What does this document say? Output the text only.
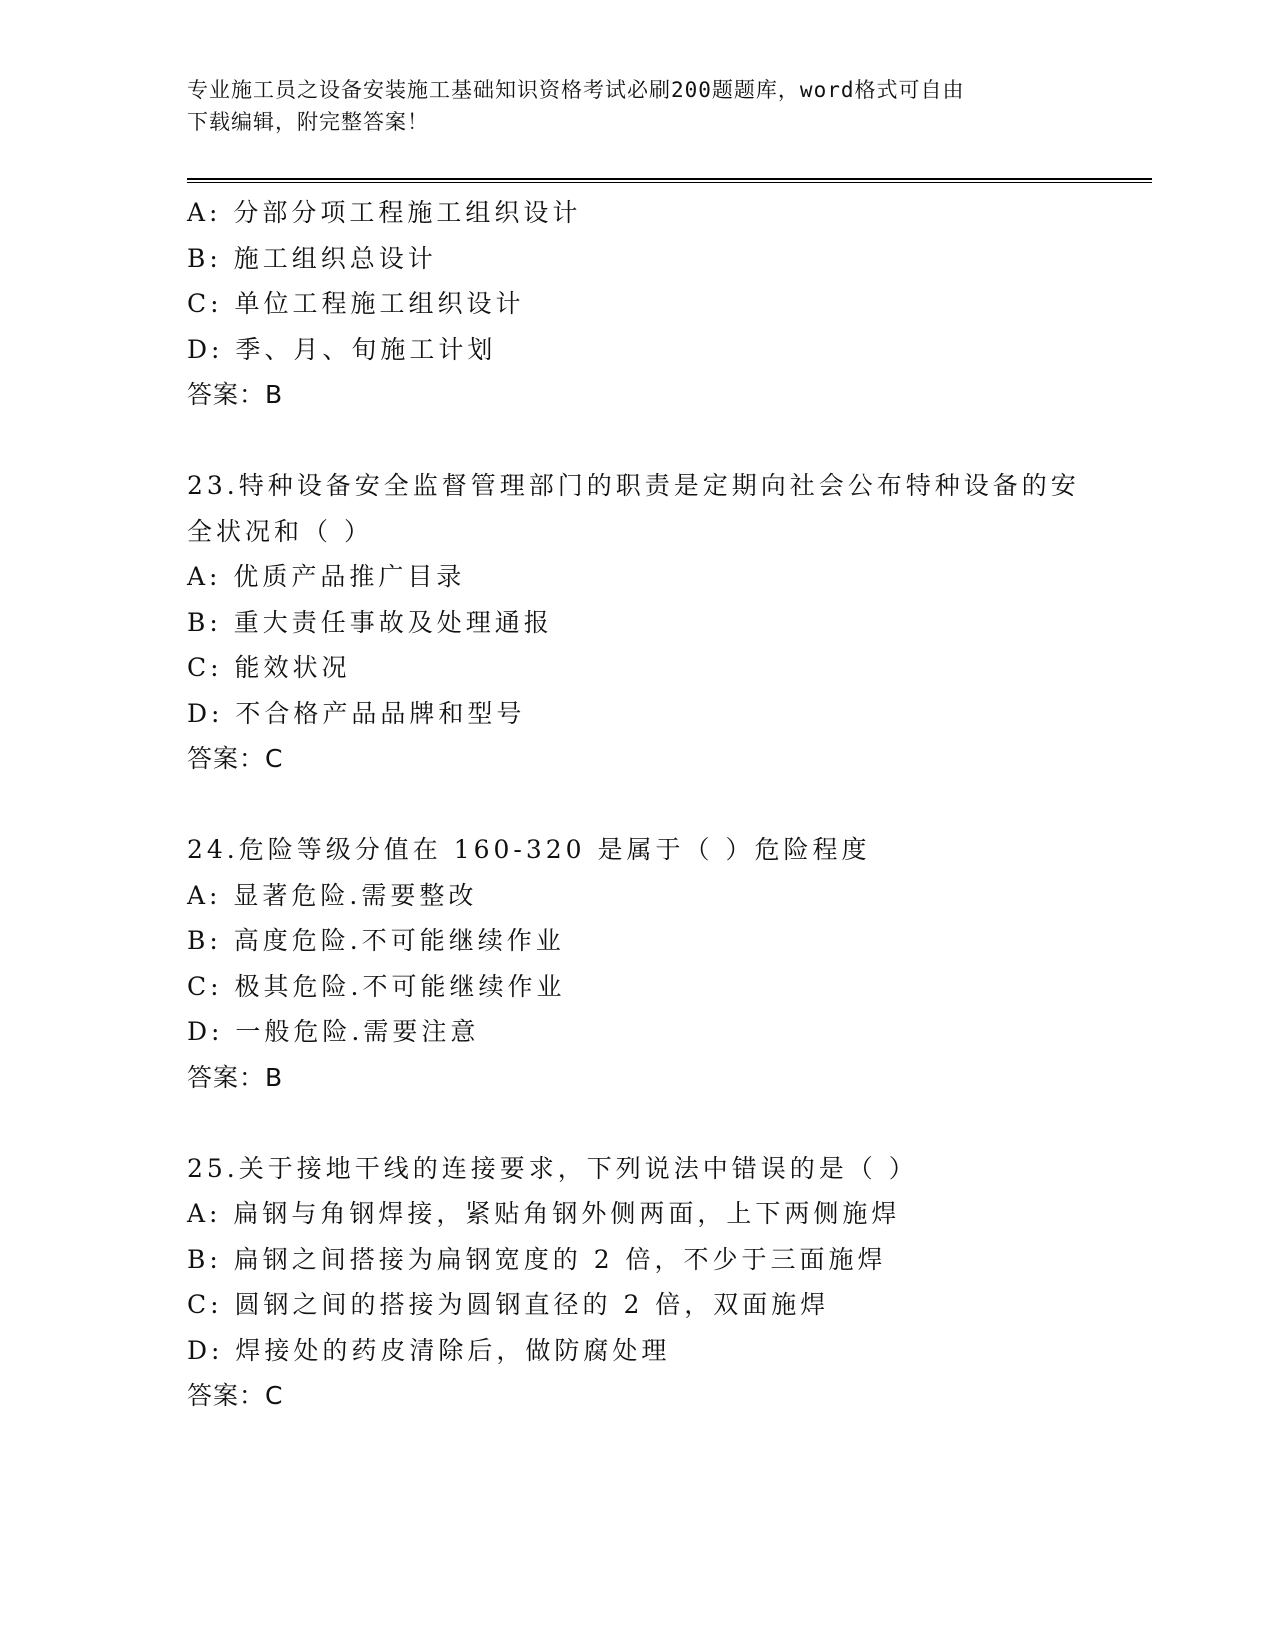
专业施工员之设备安装施工基础知识资格考试必刷200题题库，word格式可自由
下载编辑，附完整答案！
A: 分部分项工程施工组织设计
B: 施工组织总设计
C: 单位工程施工组织设计
D: 季、月、旬施工计划
答案：B
23.特种设备安全监督管理部门的职责是定期向社会公布特种设备的安
全状况和（ ）
A: 优质产品推广目录
B: 重大责任事故及处理通报
C: 能效状况
D: 不合格产品品牌和型号
答案：C
24.危险等级分值在 160-320 是属于（ ）危险程度
A: 显著危险.需要整改
B: 高度危险.不可能继续作业
C: 极其危险.不可能继续作业
D: 一般危险.需要注意
答案：B
25.关于接地干线的连接要求，下列说法中错误的是（ ）
A: 扁钢与角钢焊接，紧贴角钢外侧两面，上下两侧施焊
B: 扁钢之间搭接为扁钢宽度的 2 倍，不少于三面施焊
C: 圆钢之间的搭接为圆钢直径的 2 倍，双面施焊
D: 焊接处的药皮清除后，做防腐处理
答案：C
